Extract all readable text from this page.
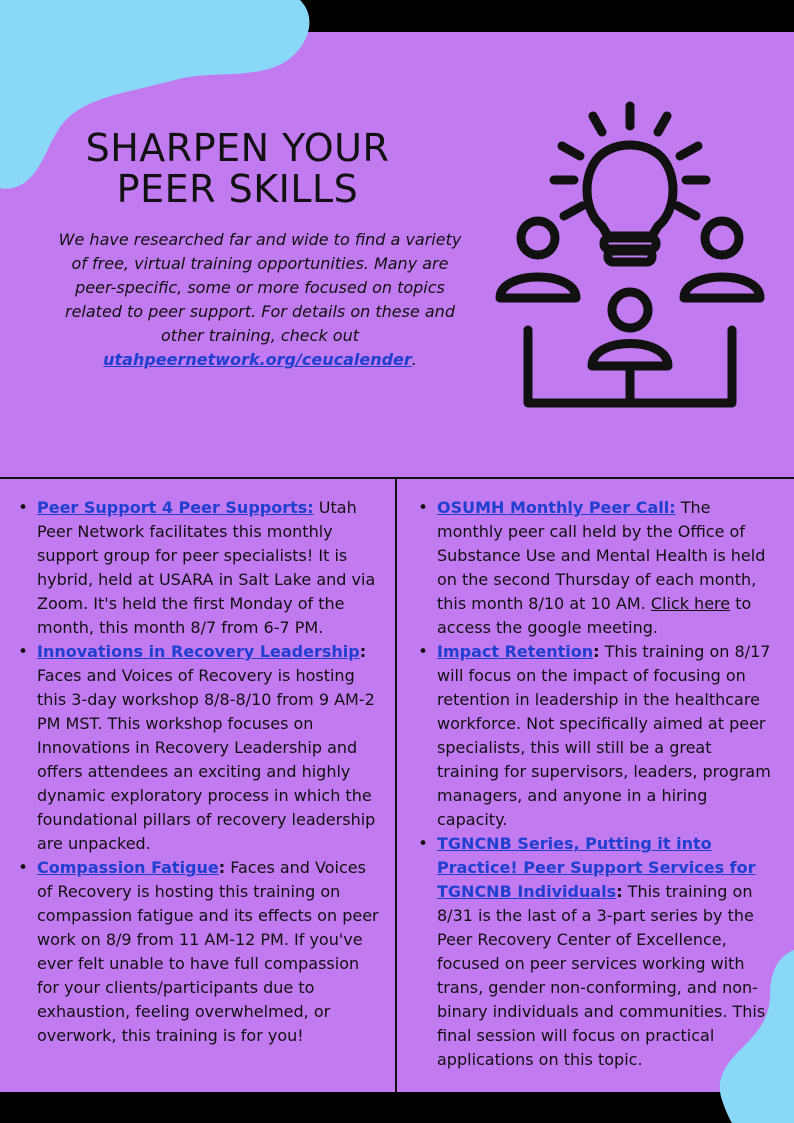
SHARPEN YOUR
PEER SKILLS
We have researched far and wide to find a variety of free, virtual training opportunities. Many are peer-specific, some or more focused on topics related to peer support. For details on these and other training, check out utahpeernetwork.org/ceucalender.
• Peer Support 4 Peer Supports: Utah Peer Network facilitates this monthly support group for peer specialists! It is hybrid, held at USARA in Salt Lake and via Zoom. It's held the first Monday of the month, this month 8/7 from 6-7 PM.
• Innovations in Recovery Leadership: Faces and Voices of Recovery is hosting this 3-day workshop 8/8-8/10 from 9 AM-2 PM MST. This workshop focuses on Innovations in Recovery Leadership and offers attendees an exciting and highly dynamic exploratory process in which the foundational pillars of recovery leadership are unpacked.
• Compassion Fatigue: Faces and Voices of Recovery is hosting this training on compassion fatigue and its effects on peer work on 8/9 from 11 AM-12 PM. If you've ever felt unable to have full compassion for your clients/participants due to exhaustion, feeling overwhelmed, or overwork, this training is for you!
• OSUMH Monthly Peer Call: The monthly peer call held by the Office of Substance Use and Mental Health is held on the second Thursday of each month, this month 8/10 at 10 AM. Click here to access the google meeting.
• Impact Retention: This training on 8/17 will focus on the impact of focusing on retention in leadership in the healthcare workforce. Not specifically aimed at peer specialists, this will still be a great training for supervisors, leaders, program managers, and anyone in a hiring capacity.
• TGNCNB Series, Putting it into Practice! Peer Support Services for TGNCNB Individuals: This training on 8/31 is the last of a 3-part series by the Peer Recovery Center of Excellence, focused on peer services working with trans, gender non-conforming, and non-binary individuals and communities. This final session will focus on practical applications on this topic.
